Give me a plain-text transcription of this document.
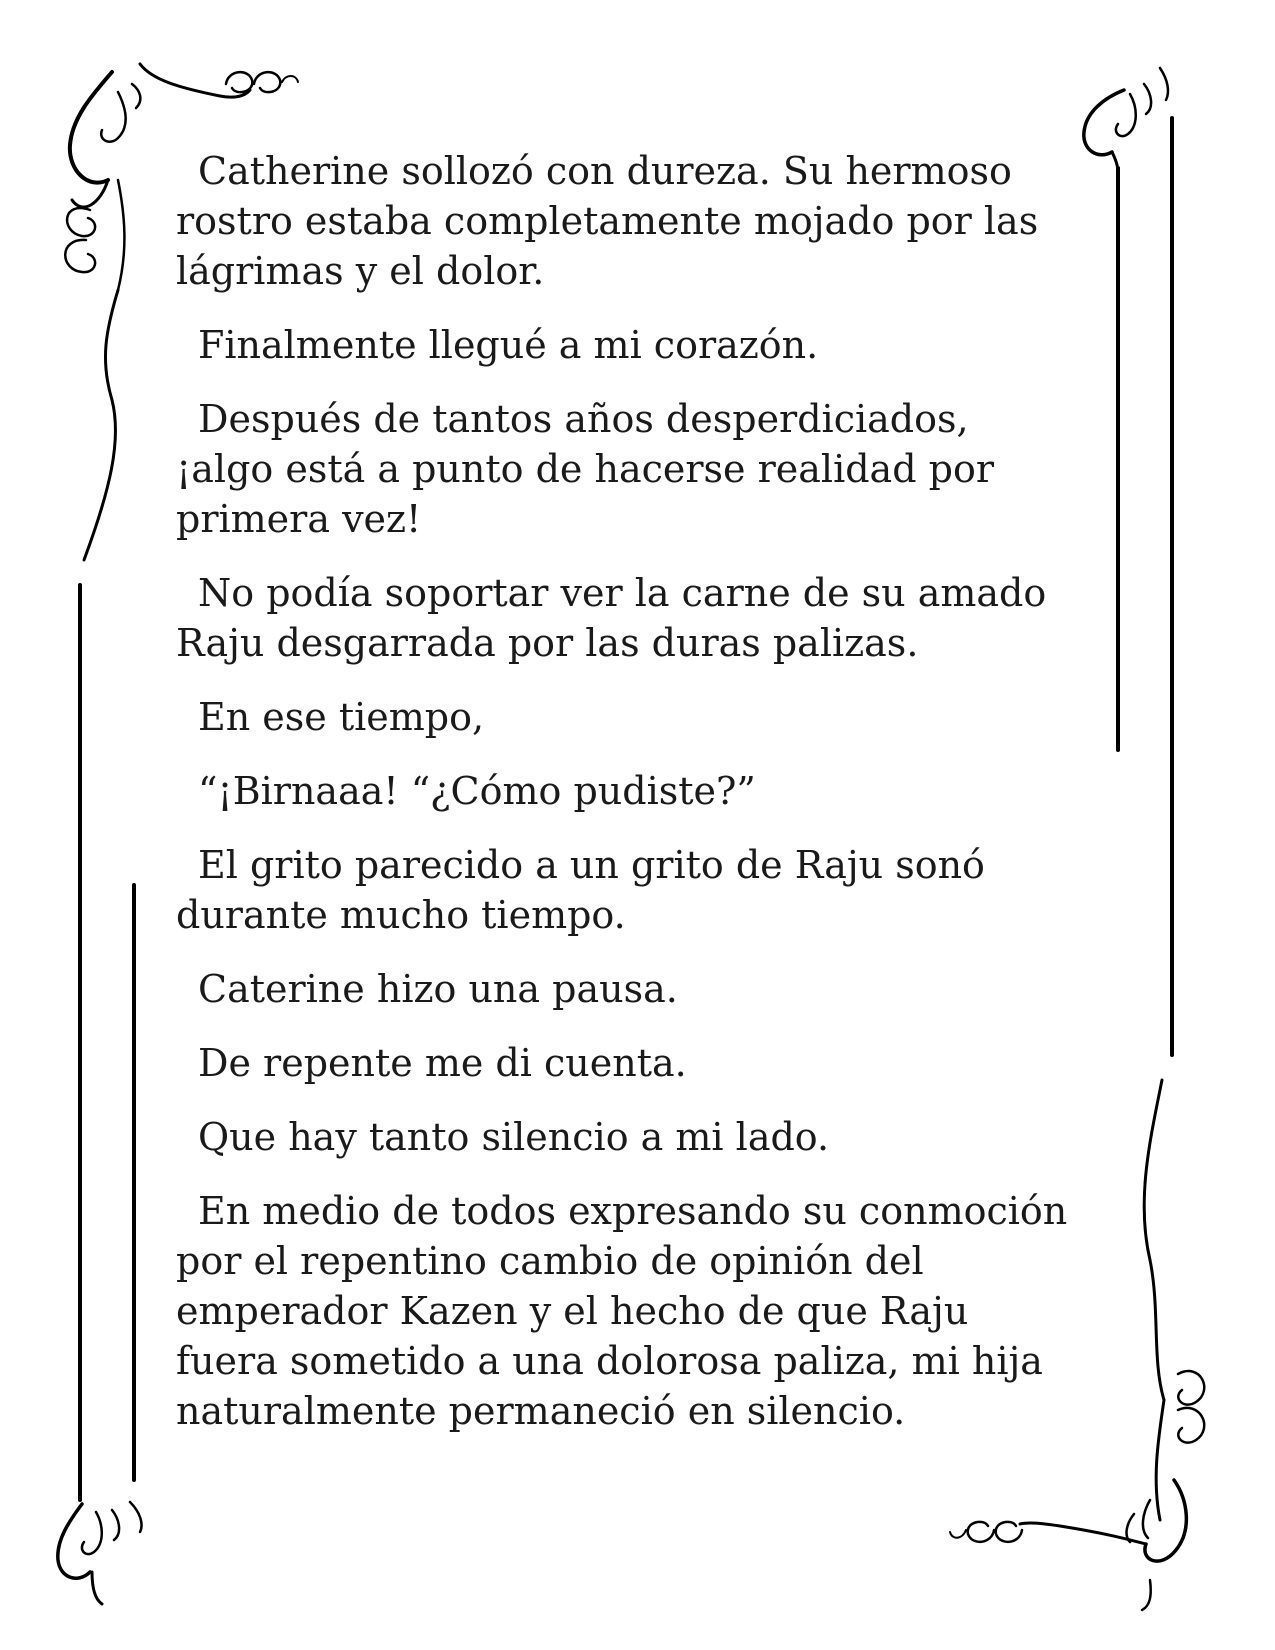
Catherine sollozó con dureza. Su hermoso rostro estaba completamente mojado por las lágrimas y el dolor.

Finalmente llegué a mi corazón.

Después de tantos años desperdiciados, ¡algo está a punto de hacerse realidad por primera vez!

No podía soportar ver la carne de su amado Raju desgarrada por las duras palizas.

En ese tiempo,

“¡Birnaaa! “¿Cómo pudiste?”

El grito parecido a un grito de Raju sonó durante mucho tiempo.

Caterine hizo una pausa.

De repente me di cuenta.

Que hay tanto silencio a mi lado.

En medio de todos expresando su conmoción por el repentino cambio de opinión del emperador Kazen y el hecho de que Raju fuera sometido a una dolorosa paliza, mi hija naturalmente permaneció en silencio.
